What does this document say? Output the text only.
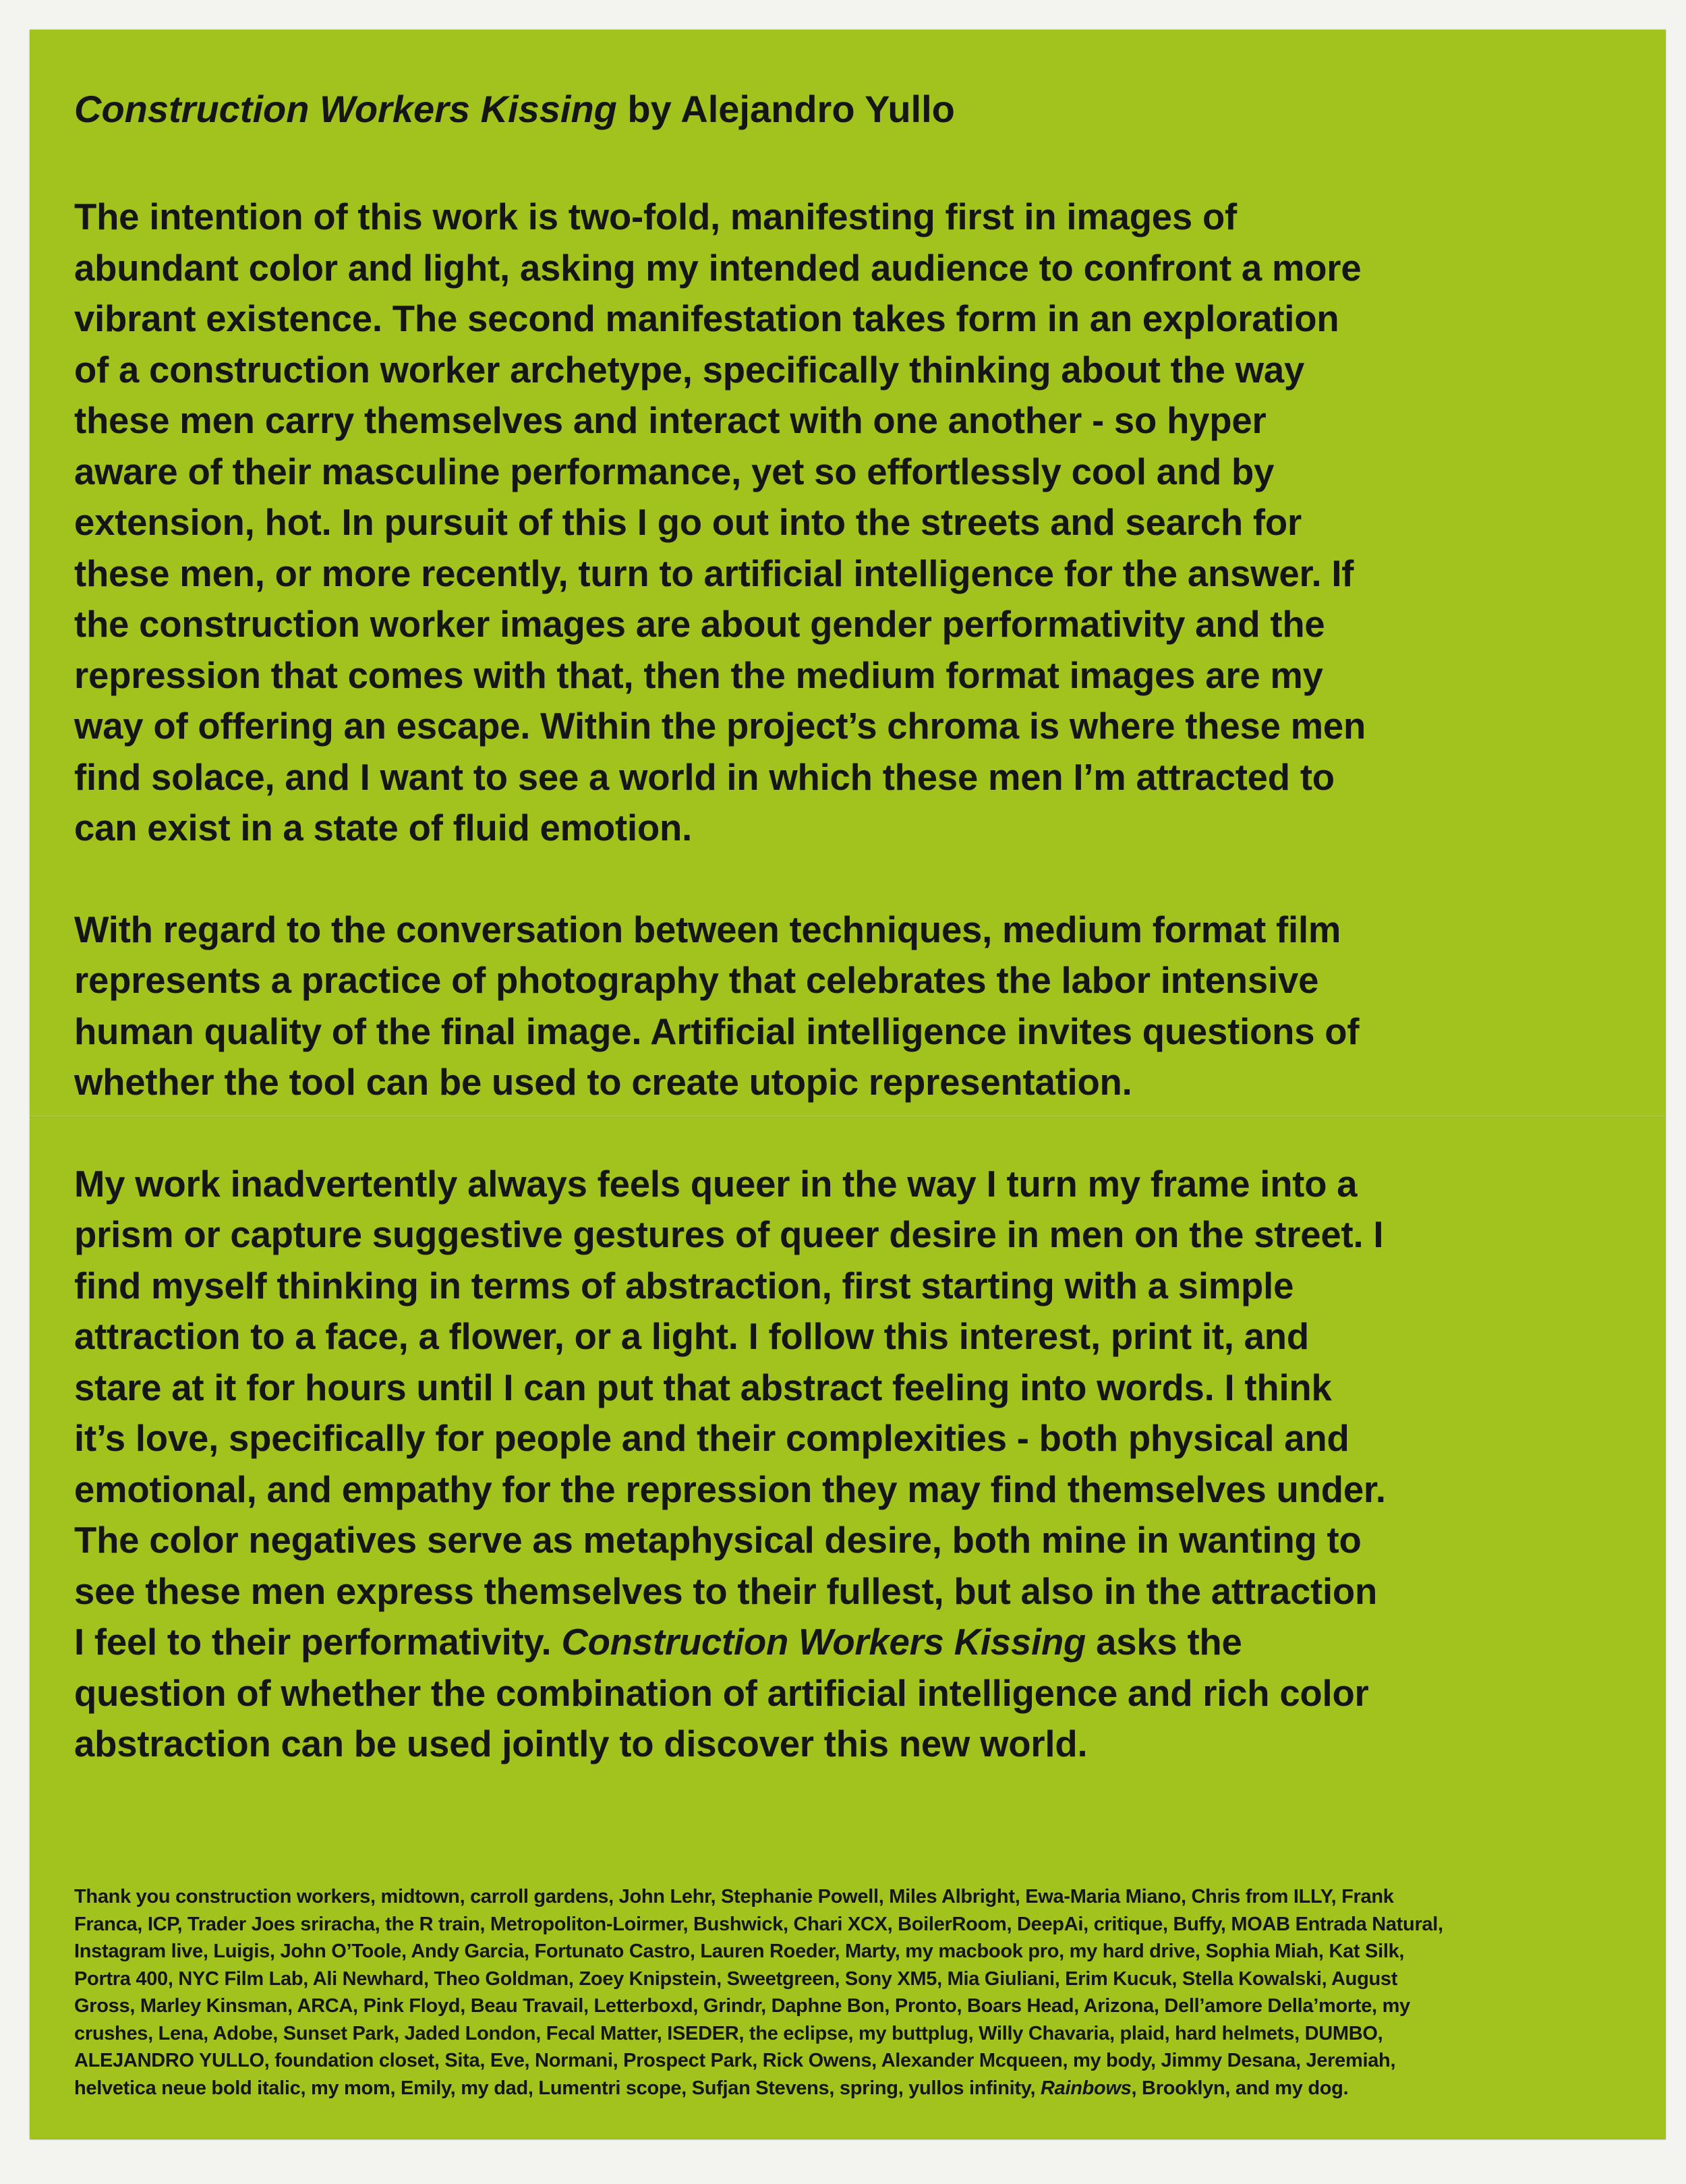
Construction Workers Kissing by Alejandro Yullo

The intention of this work is two-fold, manifesting first in images of
abundant color and light, asking my intended audience to confront a more
vibrant existence. The second manifestation takes form in an exploration
of a construction worker archetype, specifically thinking about the way
these men carry themselves and interact with one another - so hyper
aware of their masculine performance, yet so effortlessly cool and by
extension, hot. In pursuit of this I go out into the streets and search for
these men, or more recently, turn to artificial intelligence for the answer. If
the construction worker images are about gender performativity and the
repression that comes with that, then the medium format images are my
way of offering an escape. Within the project’s chroma is where these men
find solace, and I want to see a world in which these men I’m attracted to
can exist in a state of fluid emotion.

With regard to the conversation between techniques, medium format film
represents a practice of photography that celebrates the labor intensive
human quality of the final image. Artificial intelligence invites questions of
whether the tool can be used to create utopic representation.

My work inadvertently always feels queer in the way I turn my frame into a
prism or capture suggestive gestures of queer desire in men on the street. I
find myself thinking in terms of abstraction, first starting with a simple
attraction to a face, a flower, or a light. I follow this interest, print it, and
stare at it for hours until I can put that abstract feeling into words. I think
it’s love, specifically for people and their complexities - both physical and
emotional, and empathy for the repression they may find themselves under.
The color negatives serve as metaphysical desire, both mine in wanting to
see these men express themselves to their fullest, but also in the attraction
I feel to their performativity. Construction Workers Kissing asks the
question of whether the combination of artificial intelligence and rich color
abstraction can be used jointly to discover this new world.

Thank you construction workers, midtown, carroll gardens, John Lehr, Stephanie Powell, Miles Albright, Ewa-Maria Miano, Chris from ILLY, Frank
Franca, ICP, Trader Joes sriracha, the R train, Metropoliton-Loirmer, Bushwick, Chari XCX, BoilerRoom, DeepAi, critique, Buffy, MOAB Entrada Natural,
Instagram live, Luigis, John O’Toole, Andy Garcia, Fortunato Castro, Lauren Roeder, Marty, my macbook pro, my hard drive, Sophia Miah, Kat Silk,
Portra 400, NYC Film Lab, Ali Newhard, Theo Goldman, Zoey Knipstein, Sweetgreen, Sony XM5, Mia Giuliani, Erim Kucuk, Stella Kowalski, August
Gross, Marley Kinsman, ARCA, Pink Floyd, Beau Travail, Letterboxd, Grindr, Daphne Bon, Pronto, Boars Head, Arizona, Dell’amore Della’morte, my
crushes, Lena, Adobe, Sunset Park, Jaded London, Fecal Matter, ISEDER, the eclipse, my buttplug, Willy Chavaria, plaid, hard helmets, DUMBO,
ALEJANDRO YULLO, foundation closet, Sita, Eve, Normani, Prospect Park, Rick Owens, Alexander Mcqueen, my body, Jimmy Desana, Jeremiah,
helvetica neue bold italic, my mom, Emily, my dad, Lumentri scope, Sufjan Stevens, spring, yullos infinity, Rainbows, Brooklyn, and my dog.
